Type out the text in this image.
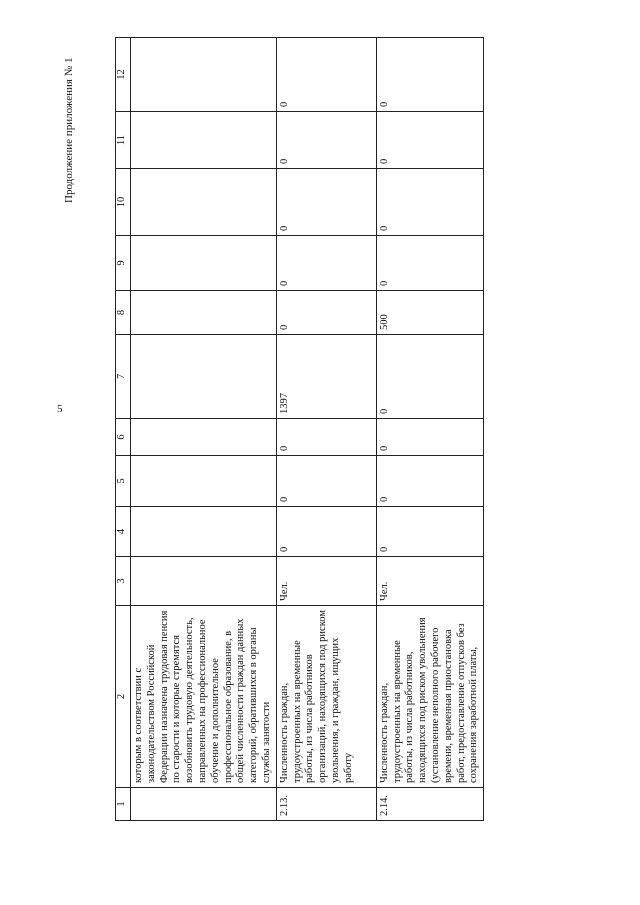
5
Продолжение приложения № 1
1	2	3	4	5	6	7	8	9	10	11	12
	которым в соответствии с законодательством Российской Федерации назначена трудовая пенсия по старости и которые стремятся возобновить трудовую деятельность, направленных на профессиональное обучение и дополнительное профессиональное образование, в общей численности граждан данных категорий, обратившихся в органы службы занятости										
2.13.	Численность граждан, трудоустроенных на временные работы, из числа работников организаций, находящихся под риском увольнения, и граждан, ищущих работу	Чел.	0	0	0	1397	0	0	0	0	0
2.14.	Численность граждан, трудоустроенных на временные работы, из числа работников, находящихся под риском увольнения (установление неполного рабочего времени, временная приостановка работ, предоставление отпусков без сохранения заработной платы,	Чел.	0	0	0	0	500	0	0	0	0
